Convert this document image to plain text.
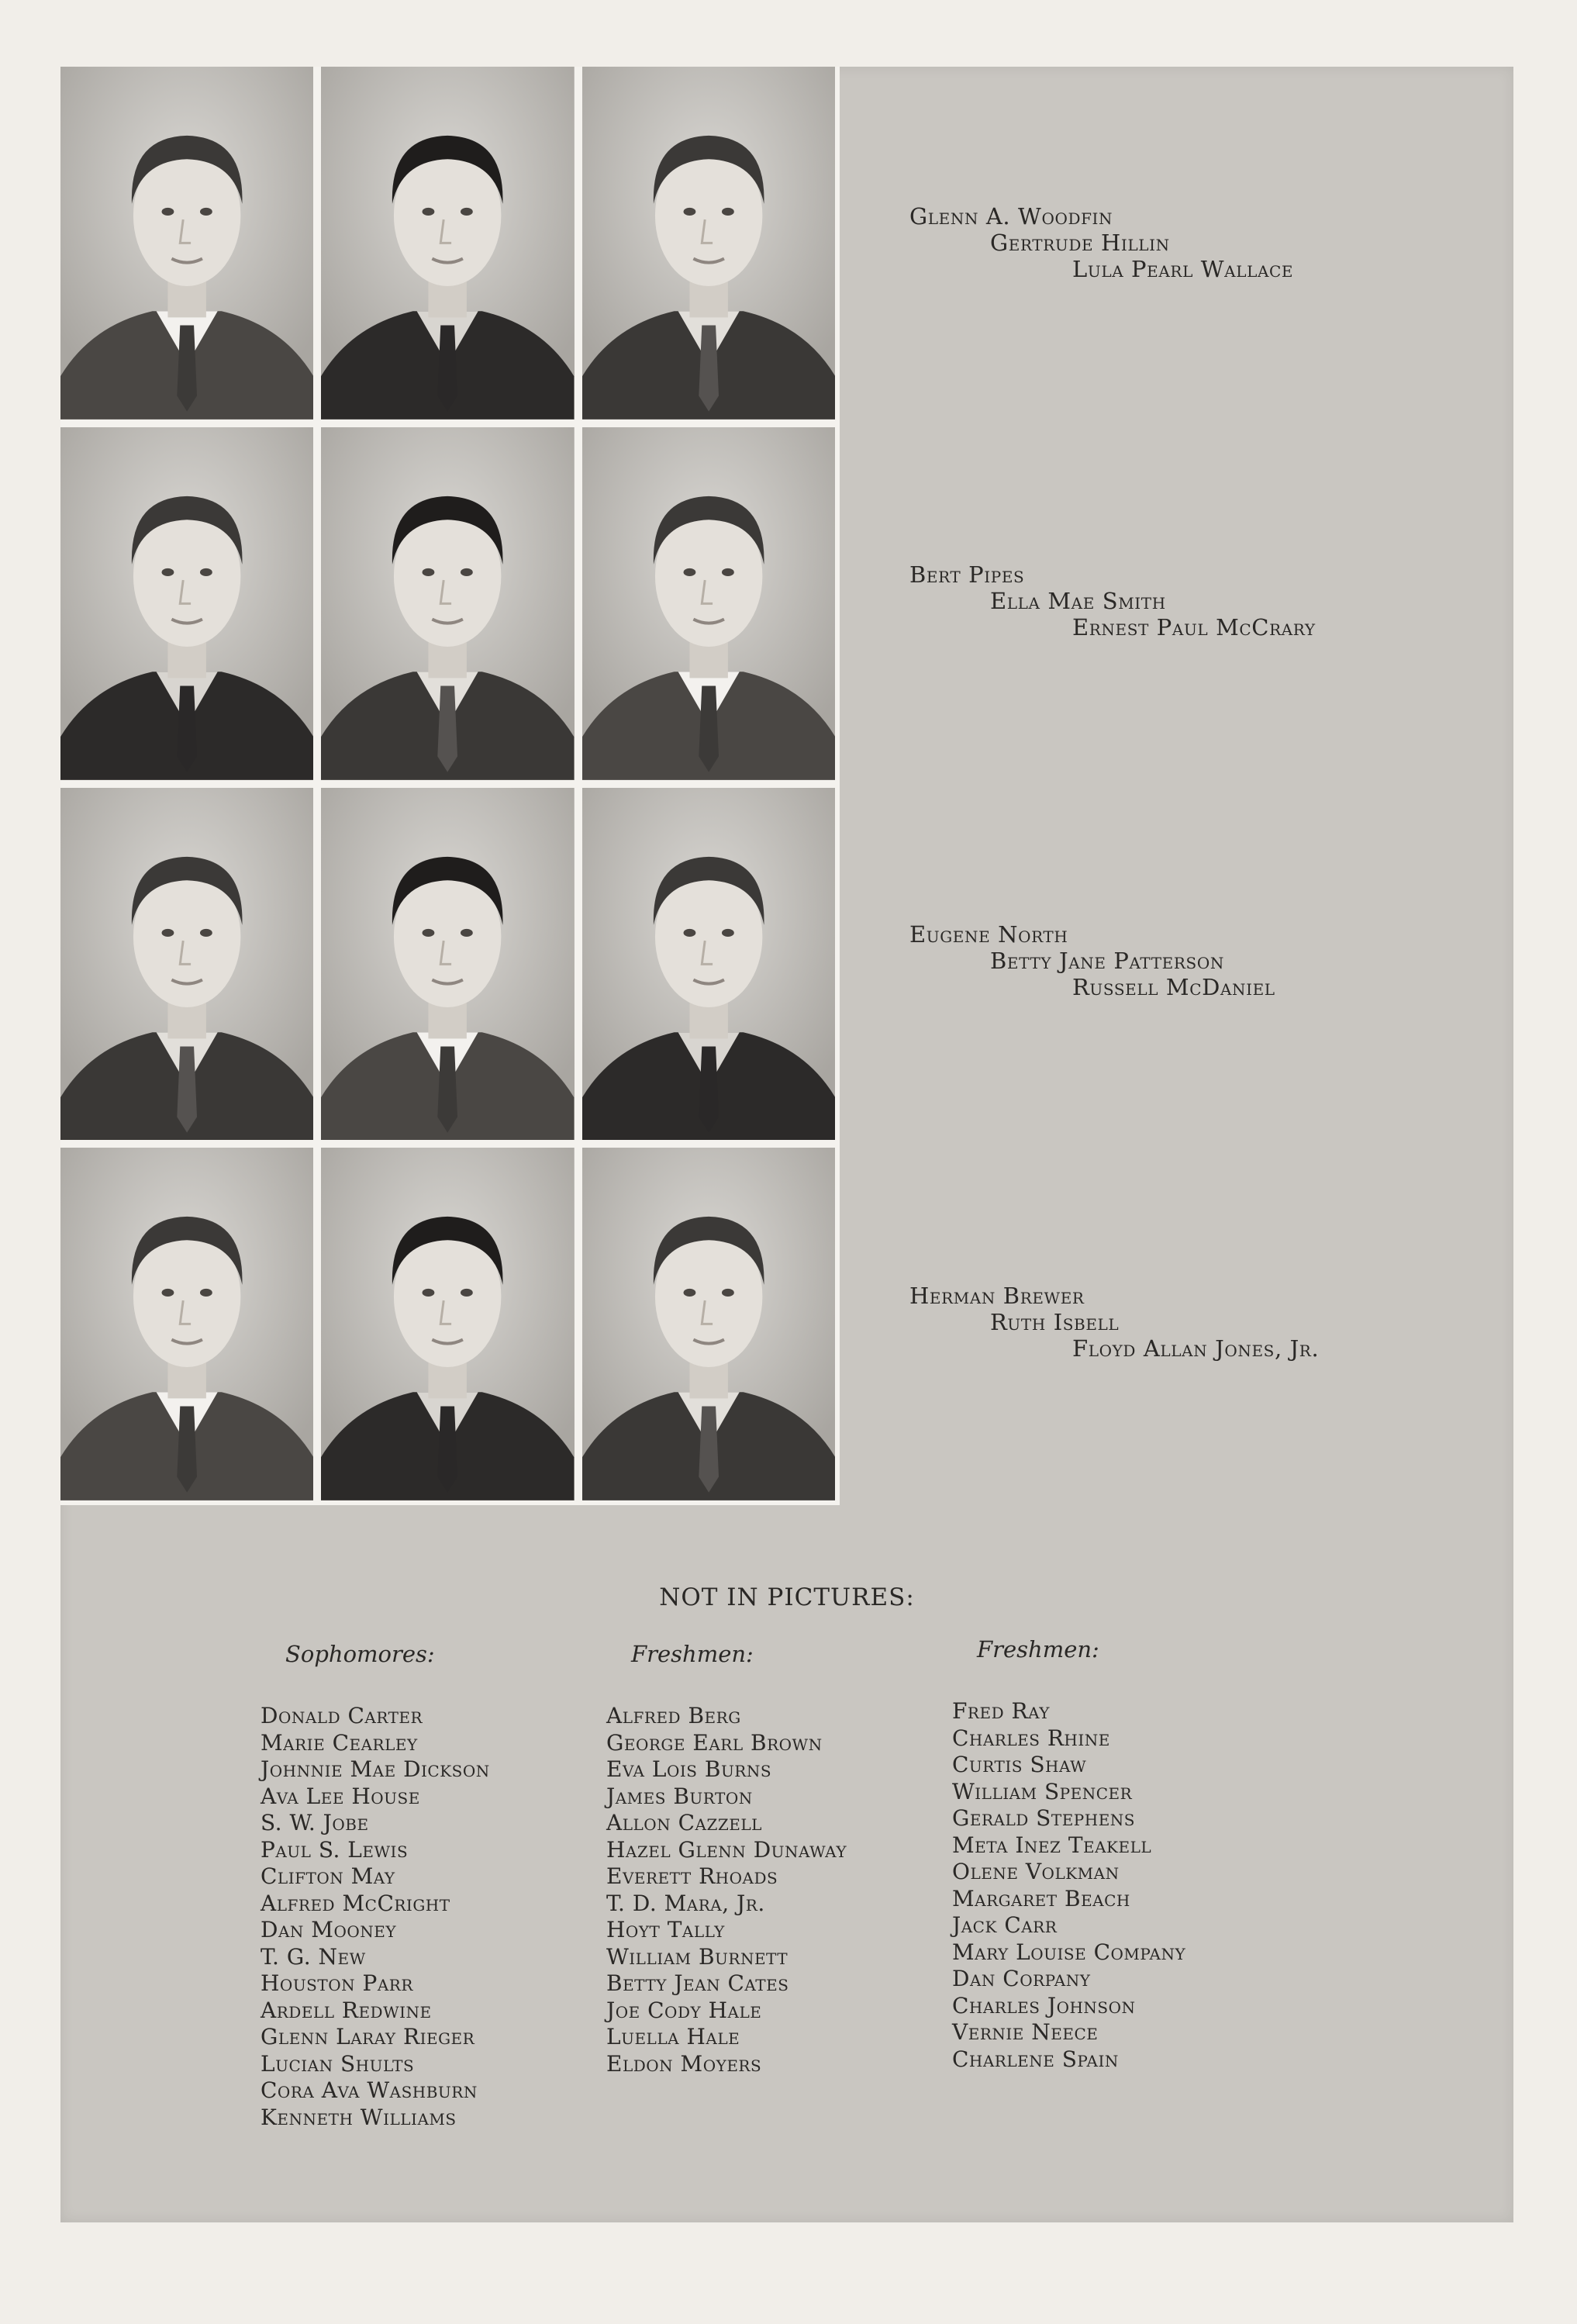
Glenn A. Woodfin
Gertrude Hillin
Lula Pearl Wallace
Bert Pipes
Ella Mae Smith
Ernest Paul McCrary
Eugene North
Betty Jane Patterson
Russell McDaniel
Herman Brewer
Ruth Isbell
Floyd Allan Jones, Jr.
NOT IN PICTURES:
Sophomores:
Donald Carter
Marie Cearley
Johnnie Mae Dickson
Ava Lee House
S. W. Jobe
Paul S. Lewis
Clifton May
Alfred McCright
Dan Mooney
T. G. New
Houston Parr
Ardell Redwine
Glenn Laray Rieger
Lucian Shults
Cora Ava Washburn
Kenneth Williams
Freshmen:
Alfred Berg
George Earl Brown
Eva Lois Burns
James Burton
Allon Cazzell
Hazel Glenn Dunaway
Everett Rhoads
T. D. Mara, Jr.
Hoyt Tally
William Burnett
Betty Jean Cates
Joe Cody Hale
Luella Hale
Eldon Moyers
Freshmen:
Fred Ray
Charles Rhine
Curtis Shaw
William Spencer
Gerald Stephens
Meta Inez Teakell
Olene Volkman
Margaret Beach
Jack Carr
Mary Louise Company
Dan Corpany
Charles Johnson
Vernie Neece
Charlene Spain
